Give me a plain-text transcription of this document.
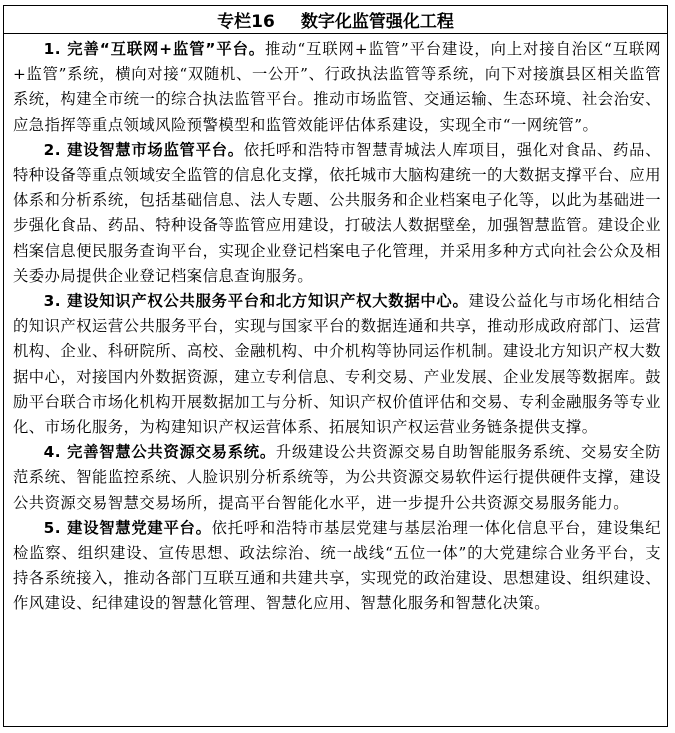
专栏16 数字化监管强化工程

1. 完善“互联网+监管”平台。推动“互联网+监管”平台建设，向上对接自治区“互联网+监管”系统，横向对接“双随机、一公开”、行政执法监管等系统，向下对接旗县区相关监管系统，构建全市统一的综合执法监管平台。推动市场监管、交通运输、生态环境、社会治安、应急指挥等重点领域风险预警模型和监管效能评估体系建设，实现全市“一网统管”。

2. 建设智慧市场监管平台。依托呼和浩特市智慧青城法人库项目，强化对食品、药品、特种设备等重点领域安全监管的信息化支撑，依托城市大脑构建统一的大数据支撑平台、应用体系和分析系统，包括基础信息、法人专题、公共服务和企业档案电子化等，以此为基础进一步强化食品、药品、特种设备等监管应用建设，打破法人数据壁垒，加强智慧监管。建设企业档案信息便民服务查询平台，实现企业登记档案电子化管理，并采用多种方式向社会公众及相关委办局提供企业登记档案信息查询服务。

3. 建设知识产权公共服务平台和北方知识产权大数据中心。建设公益化与市场化相结合的知识产权运营公共服务平台，实现与国家平台的数据连通和共享，推动形成政府部门、运营机构、企业、科研院所、高校、金融机构、中介机构等协同运作机制。建设北方知识产权大数据中心，对接国内外数据资源，建立专利信息、专利交易、产业发展、企业发展等数据库。鼓励平台联合市场化机构开展数据加工与分析、知识产权价值评估和交易、专利金融服务等专业化、市场化服务，为构建知识产权运营体系、拓展知识产权运营业务链条提供支撑。

4. 完善智慧公共资源交易系统。升级建设公共资源交易自助智能服务系统、交易安全防范系统、智能监控系统、人脸识别分析系统等，为公共资源交易软件运行提供硬件支撑，建设公共资源交易智慧交易场所，提高平台智能化水平，进一步提升公共资源交易服务能力。

5. 建设智慧党建平台。依托呼和浩特市基层党建与基层治理一体化信息平台，建设集纪检监察、组织建设、宣传思想、政法综治、统一战线“五位一体”的大党建综合业务平台，支持各系统接入，推动各部门互联互通和共建共享，实现党的政治建设、思想建设、组织建设、作风建设、纪律建设的智慧化管理、智慧化应用、智慧化服务和智慧化决策。
